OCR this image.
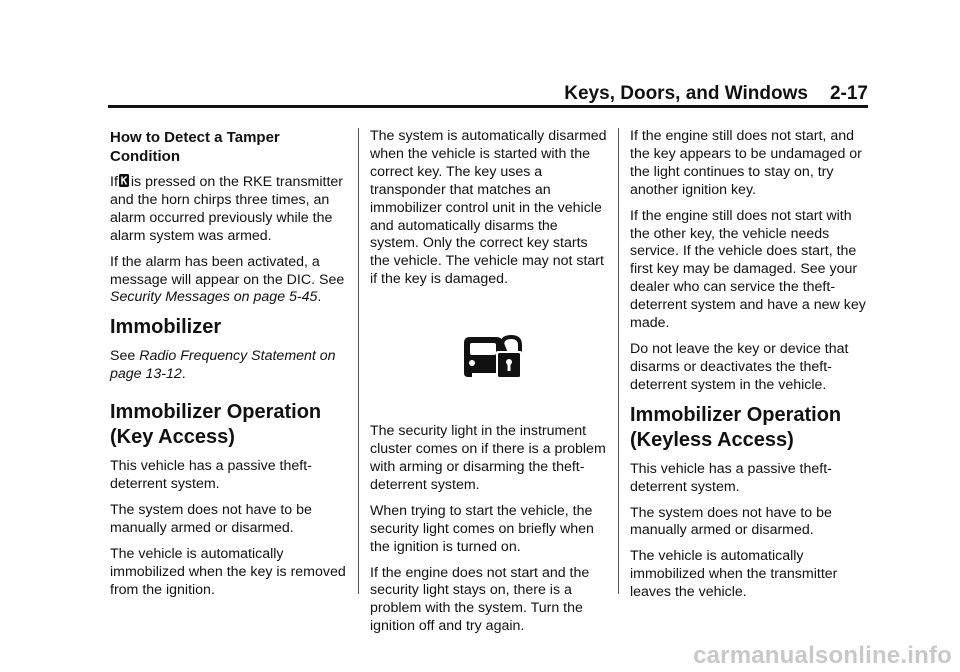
Keys, Doors, and Windows 2-17
How to Detect a Tamper Condition

If is pressed on the RKE transmitter and the horn chirps three times, an alarm occurred previously while the alarm system was armed.

If the alarm has been activated, a message will appear on the DIC. See Security Messages on page 5-45.

Immobilizer

See Radio Frequency Statement on page 13-12.

Immobilizer Operation (Key Access)

This vehicle has a passive theft-deterrent system.

The system does not have to be manually armed or disarmed.

The vehicle is automatically immobilized when the key is removed from the ignition.

The system is automatically disarmed when the vehicle is started with the correct key. The key uses a transponder that matches an immobilizer control unit in the vehicle and automatically disarms the system. Only the correct key starts the vehicle. The vehicle may not start if the key is damaged.

The security light in the instrument cluster comes on if there is a problem with arming or disarming the theft-deterrent system.

When trying to start the vehicle, the security light comes on briefly when the ignition is turned on.

If the engine does not start and the security light stays on, there is a problem with the system. Turn the ignition off and try again.

If the engine still does not start, and the key appears to be undamaged or the light continues to stay on, try another ignition key.

If the engine still does not start with the other key, the vehicle needs service. If the vehicle does start, the first key may be damaged. See your dealer who can service the theft-deterrent system and have a new key made.

Do not leave the key or device that disarms or deactivates the theft-deterrent system in the vehicle.

Immobilizer Operation (Keyless Access)

This vehicle has a passive theft-deterrent system.

The system does not have to be manually armed or disarmed.

The vehicle is automatically immobilized when the transmitter leaves the vehicle.

carmanualsonline.info
